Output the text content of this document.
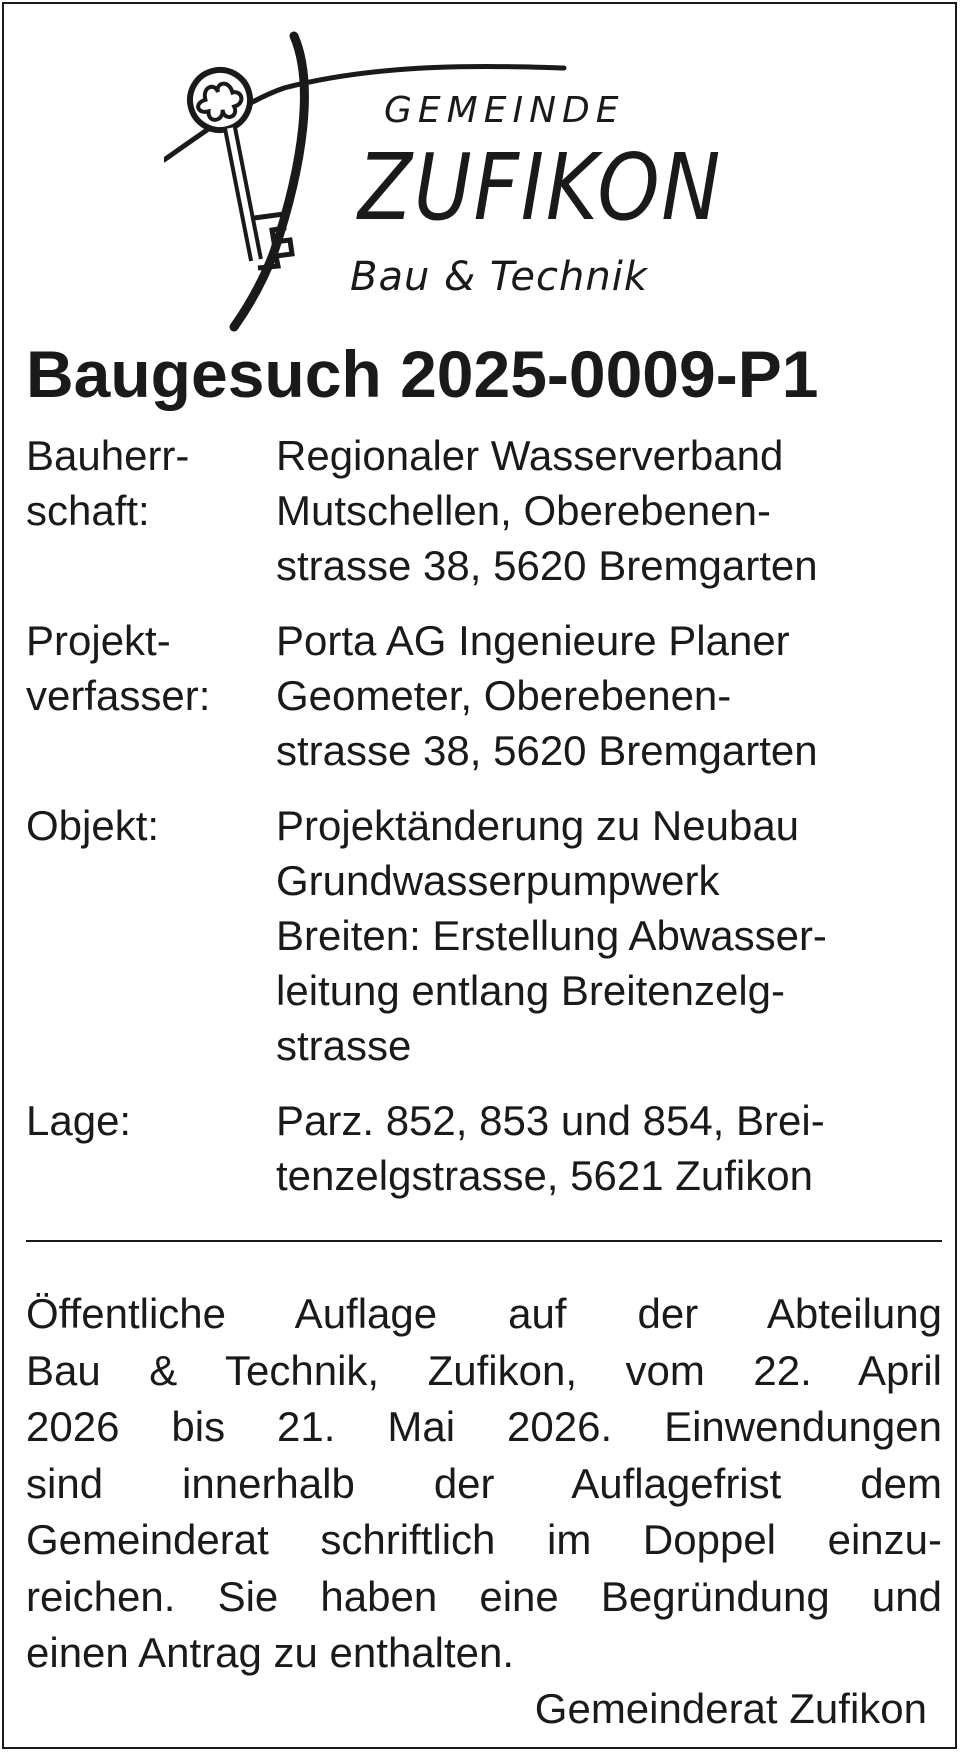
GEMEINDE
ZUFIKON
Bau & Technik
Baugesuch 2025-0009-P1
Bauherr-
schaft:
Regionaler Wasserverband
Mutschellen, Oberebenen-
strasse 38, 5620 Bremgarten
Projekt-
verfasser:
Porta AG Ingenieure Planer
Geometer, Oberebenen-
strasse 38, 5620 Bremgarten
Objekt:	Projektänderung zu Neubau
Grundwasserpumpwerk
Breiten: Erstellung Abwasser-
leitung entlang Breitenzelg-
strasse
Lage:	Parz. 852, 853 und 854, Brei-
tenzelgstrasse, 5621 Zufikon
Öffentliche Auflage auf der Abteilung
Bau & Technik, Zufikon, vom 22. April
2026 bis 21. Mai 2026. Einwendungen
sind innerhalb der Auflagefrist dem
Gemeinderat schriftlich im Doppel einzu-
reichen. Sie haben eine Begründung und
einen Antrag zu enthalten.
Gemeinderat Zufikon
